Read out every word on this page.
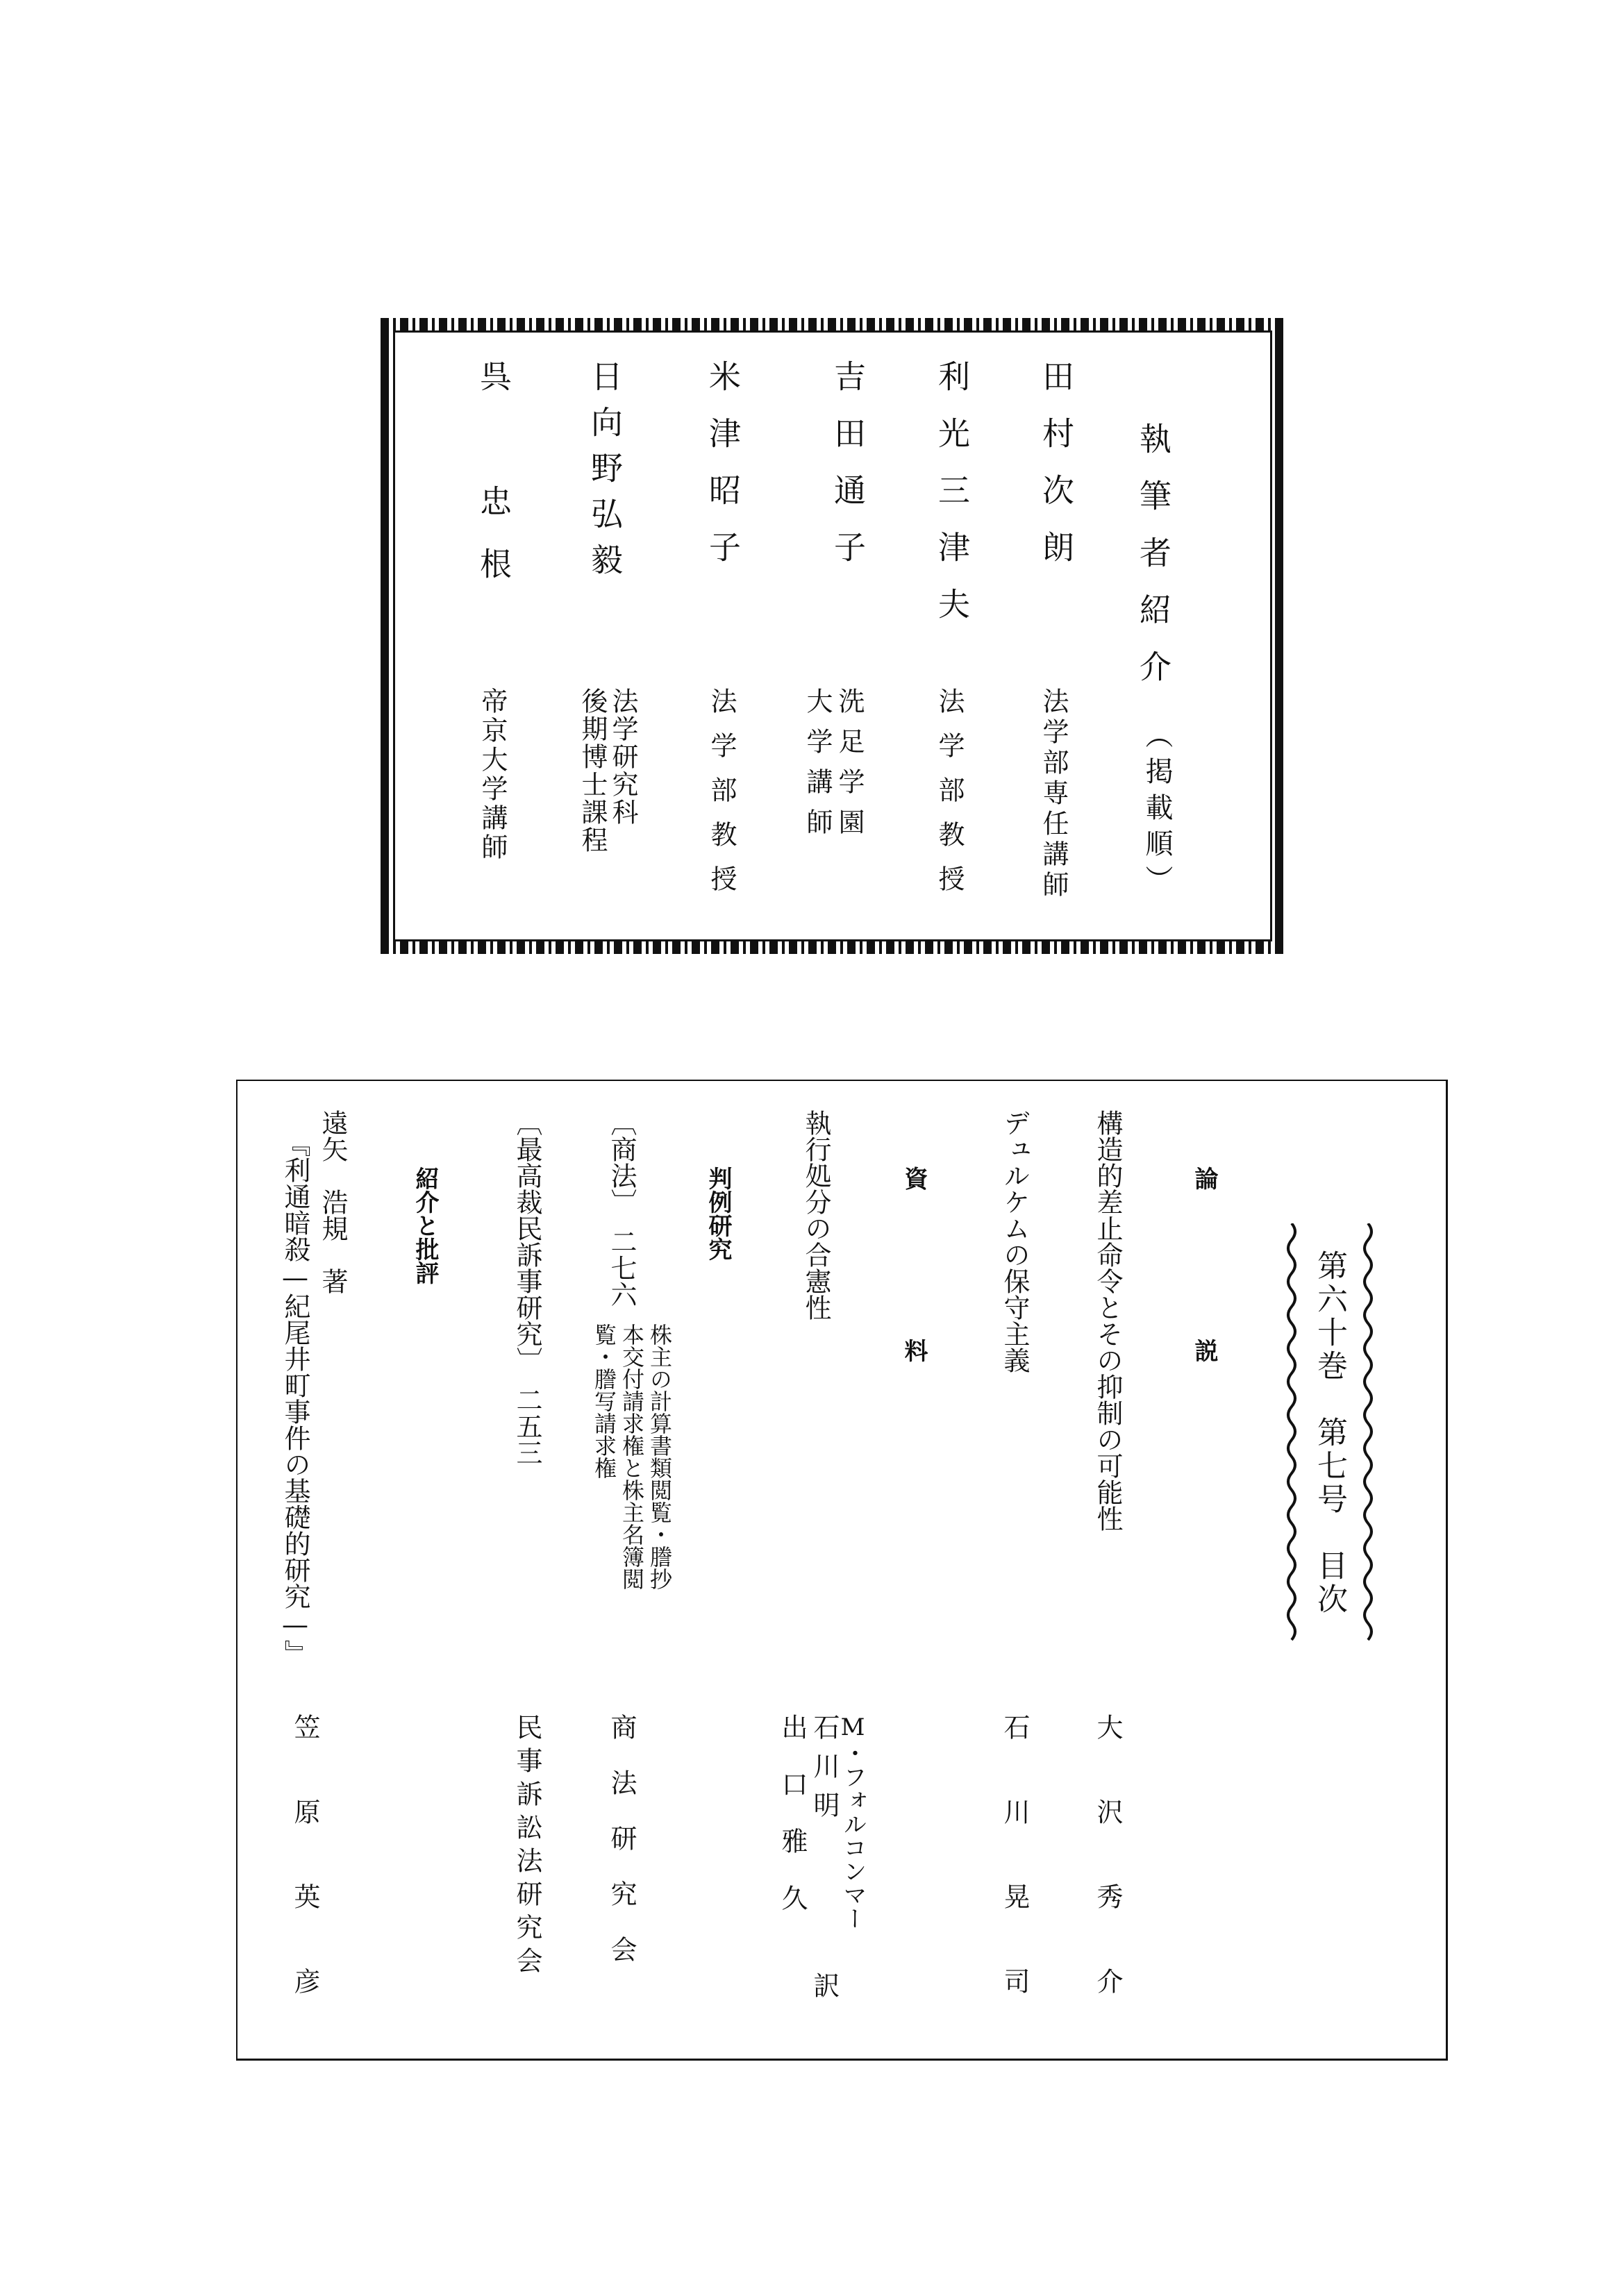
執筆者紹介
（掲載順）
田村次朗
法学部専任講師
利光三津夫
法学部教授
吉田通子
洗足学園
大学講師
米津昭子
法学部教授
日向野弘毅
法学研究科
後期博士課程
呉　忠根
帝京大学講師
第六十巻　第七号　目次
論　説
構造的差止命令とその抑制の可能性
大沢秀介
デュルケムの保守主義
石川晃司
資　料
執行処分の合憲性
M・フォルコンマー
石川明
出口雅久
訳
判例研究
〔商法〕　二七六
株主の計算書類閲覧・謄抄
本交付請求権と株主名簿閲
覧・謄写請求権
商法研究会
〔最高裁民訴事研究〕　二五三
民事訴訟法研究会
紹介と批評
遠矢　浩規　著
『利通暗殺—紀尾井町事件の基礎的研究—』
笠原英彦
